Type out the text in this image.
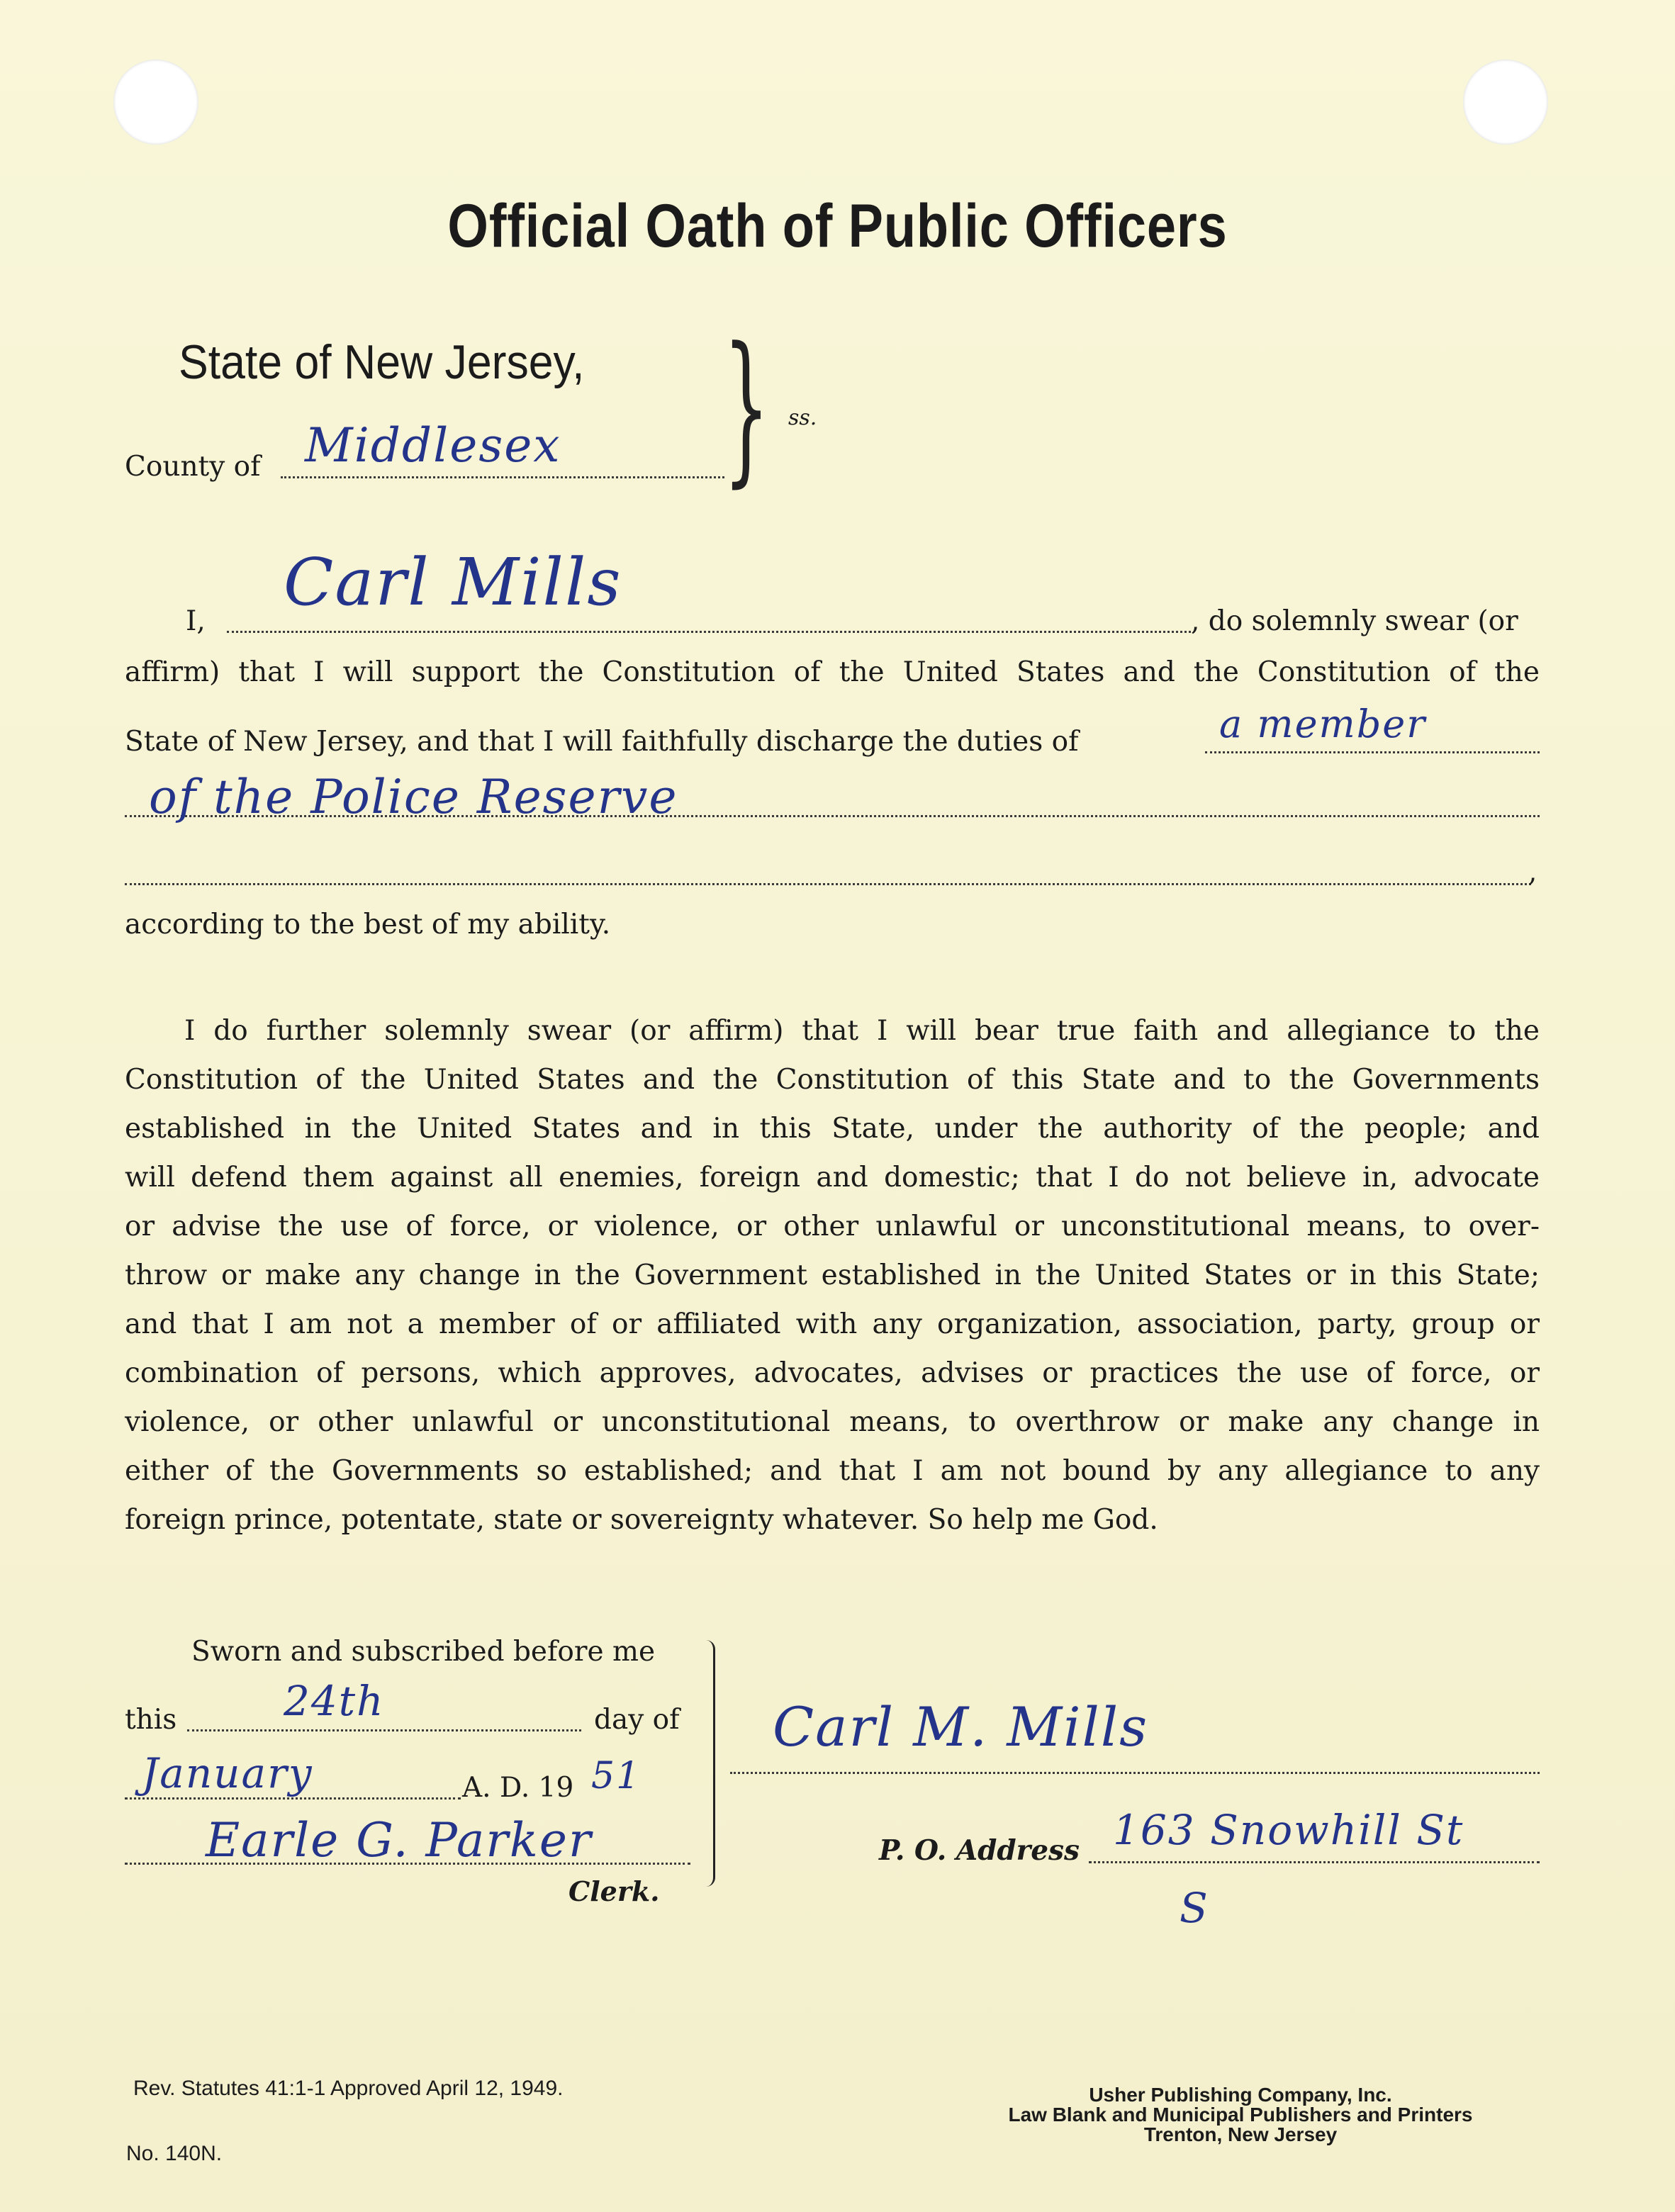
Official Oath of Public Officers
State of New Jersey,
County of Middlesex } ss.
I,
Carl Mills
, do solemnly swear (or
affirm) that I will support the Constitution of the United States and the Constitution of the
State of New Jersey, and that I will faithfully discharge the duties of	a member
of the Police Reserve
,
according to the best of my ability.
I do further solemnly swear (or affirm) that I will bear true faith and allegiance to the
Constitution of the United States and the Constitution of this State and to the Governments
established in the United States and in this State, under the authority of the people; and
will defend them against all enemies, foreign and domestic; that I do not believe in, advocate
or advise the use of force, or violence, or other unlawful or unconstitutional means, to over-
throw or make any change in the Government established in the United States or in this State;
and that I am not a member of or affiliated with any organization, association, party, group or
combination of persons, which approves, advocates, advises or practices the use of force, or
violence, or other unlawful or unconstitutional means, to overthrow or make any change in
either of the Governments so established; and that I am not bound by any allegiance to any
foreign prince, potentate, state or sovereignty whatever. So help me God.
Sworn and subscribed before me
this	24th	day of
January	A. D. 19 51
Earle G. Parker
Clerk.
Carl M. Mills
P. O. Address 163 Snowhill St
S
Rev. Statutes 41:1-1 Approved April 12, 1949.
No. 140N.
Usher Publishing Company, Inc.
Law Blank and Municipal Publishers and Printers
Trenton, New Jersey
